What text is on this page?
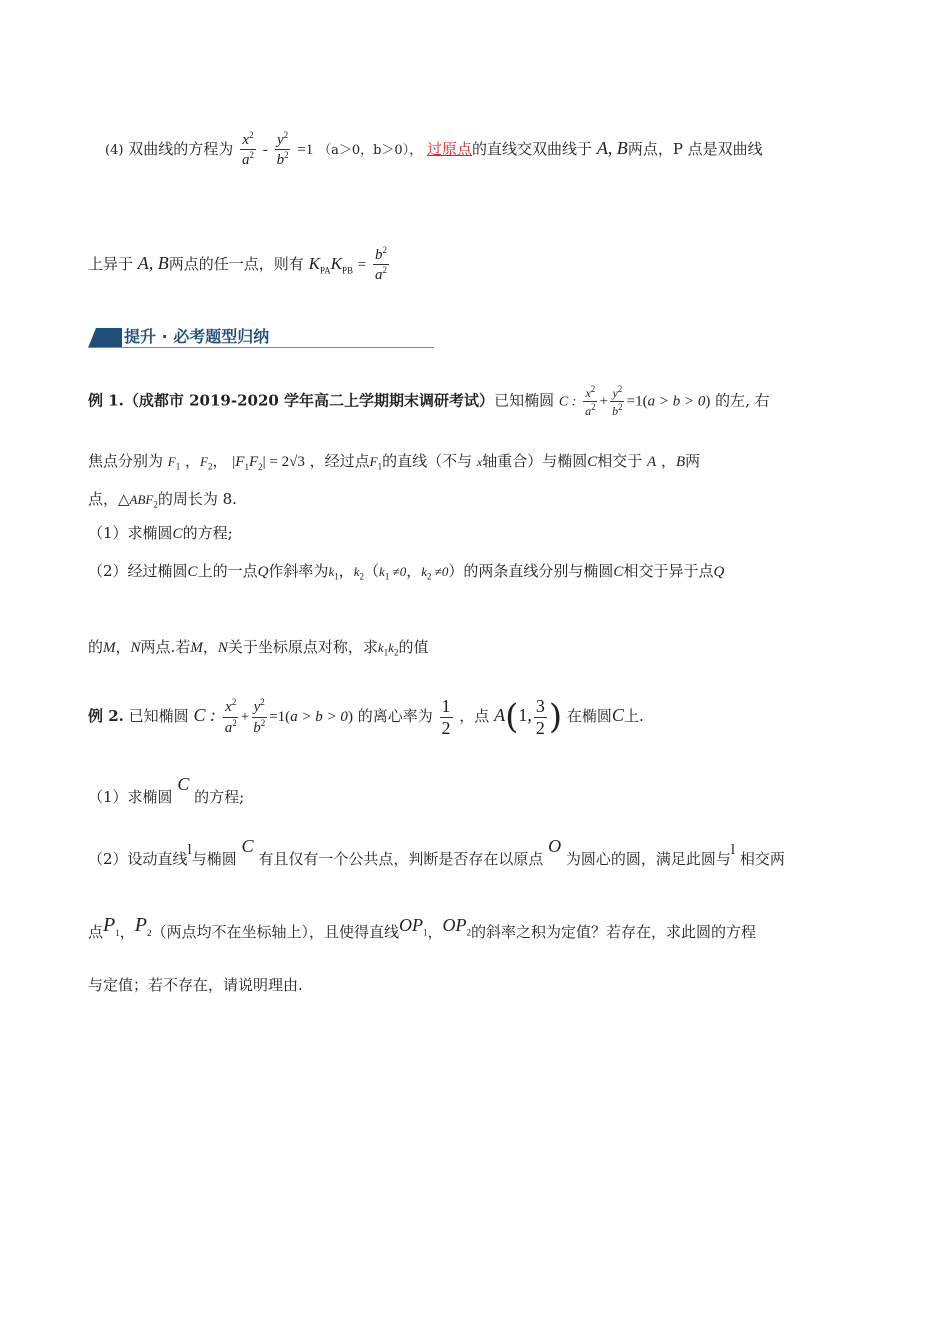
(4) 双曲线的方程为 $\frac{x^2}{a^2} - \frac{y^2}{b^2} =1$ （a＞0，b＞0）， 过原点的直线交双曲线于 A, B两点，P 点是双曲线
上异于 A, B两点的任一点，则有 $K_{PA}K_{PB} = \frac{b^2}{a^2}$
提升 · 必考题型归纳
例 1.（成都市 2019-2020 学年高二上学期期末调研考试）已知椭圆 C : $\frac{x^2}{a^2} + \frac{y^2}{b^2} =1(a > b > 0)$ 的左, 右
焦点分别为 $F_1$ ，$F_2$， $|F_1F_2| = 2√3$ ，经过点$F_1$的直线（不与 x轴重合）与椭圆C相交于 A ，B两
点，$\triangle ABF_2$的周长为 8.
（1）求椭圆C的方程;
（2）经过椭圆C上的一点Q作斜率为$k_1$，$k_2(k_1 \ne 0$，$k_2 \ne 0$）的两条直线分别与椭圆C相交于异于点Q
的M，N两点.若M，N关于坐标原点对称，求$k_1k_2$的值
例 2. 已知椭圆 C : $\frac{x^2}{a^2} + \frac{y^2}{b^2} =1(a > b > 0)$ 的离心率为 $\frac{1}{2}$ ，点 A(1, $\frac{3}{2}$ ) 在椭圆C上.
（1）求椭圆 C 的方程;
（2）设动直线l与椭圆 C 有且仅有一个公共点，判断是否存在以原点 O 为圆心的圆，满足此圆与l 相交两
点$P_1$，$P_2$（两点均不在坐标轴上），且使得直线$OP_1$，$OP_2$的斜率之积为定值？若存在，求此圆的方程
与定值；若不存在，请说明理由.
